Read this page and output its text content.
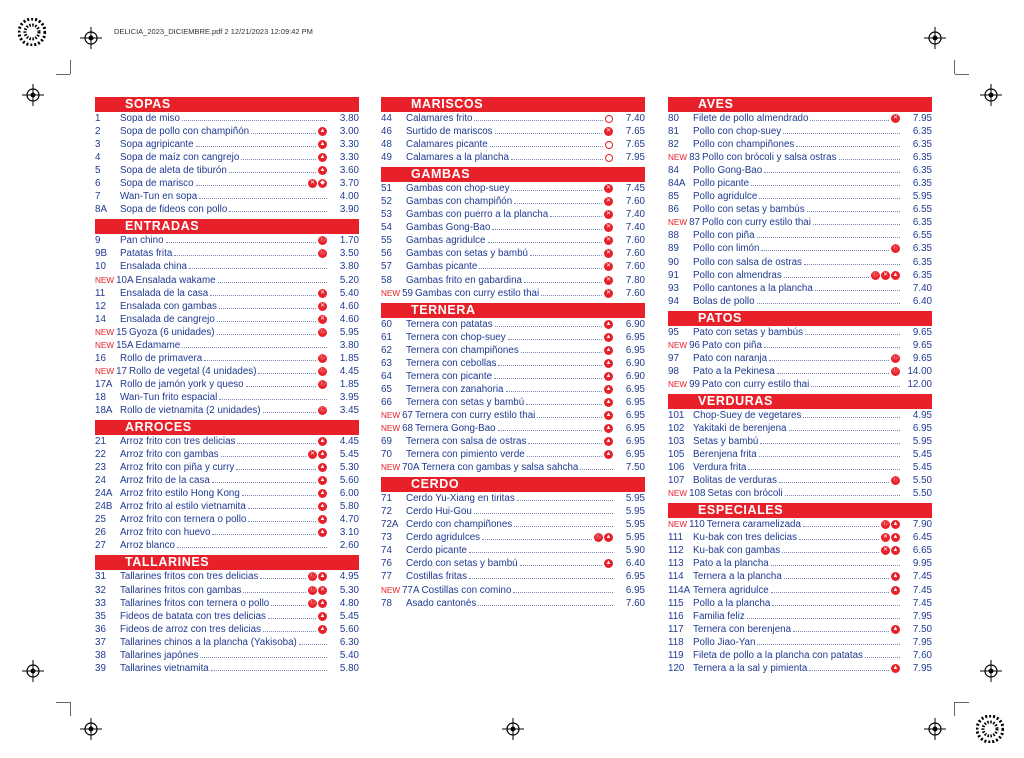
DELICIA_2023_DICIEMBRE.pdf 2 12/21/2023 12:09:42 PM
SOPAS
1 Sopa de miso	3.80
2 Sopa de pollo con champiñón	▲	3.00
3 Sopa agripicante	▲	3.30
4 Sopa de maíz con cangrejo	▲	3.30
5 Sopa de aleta de tiburón	▲	3.60
6 Sopa de marisco	✕ ◆	3.70
7 Wan-Tun en sopa	4.00
8A Sopa de fideos con pollo	3.90
ENTRADAS
9 Pan chino	Ⓒ	1.70
9B Patatas frita	Ⓒ	3.50
10 Ensalada china	3.80
NEW 10A Ensalada wakame	5.20
11 Ensalada de la casa	✕	5.40
12 Ensalada con gambas	✕	4.60
14 Ensalada de cangrejo	✕	4.60
NEW 15 Gyoza (6 unidades)	Ⓒ	5.95
NEW 15A Edamame	3.80
16 Rollo de primavera	Ⓒ	1.85
NEW 17 Rollo de vegetal (4 unidades)	Ⓒ	4.45
17A Rollo de jamón york y queso	Ⓒ	1.85
18 Wan-Tun frito espacial	3.95
18A Rollo de vietnamita (2 unidades)	Ⓒ	3.45
ARROCES
21 Arroz frito con tres delicias	▲	4.45
22 Arroz frito con gambas	✕ ▲	5.45
23 Arroz frito con piña y curry	▲	5.30
24 Arroz frito de la casa	▲	5.60
24A Arroz frito estilo Hong Kong	▲	6.00
24B Arroz frito al estilo vietnamita	▲	5.80
25 Arroz frito con ternera o pollo	▲	4.70
26 Arroz frito con huevo	▲	3.10
27 Arroz blanco	2.60
TALLARINES
31 Tallarines fritos con tres delicias	Ⓒ ▲	4.95
32 Tallarines fritos con gambas	Ⓒ ✕	5.30
33 Tallarines fritos con ternera o pollo	Ⓒ ▲	4.80
35 Fideos de batata con tres delicias	▲	5.45
36 Fideos de arroz con tres delicias	▲	5.60
37 Tallarines chinos a la plancha (Yakisoba)	6.30
38 Tallarines japónes	5.40
39 Tallarines vietnamita	5.80
MARISCOS
44 Calamares frito	7.40
46 Surtido de mariscos	✕	7.65
48 Calamares picante	7.65
49 Calamares a la plancha	7.95
GAMBAS
51 Gambas con chop-suey	✕	7.45
52 Gambas con champiñón	✕	7.60
53 Gambas con puerro a la plancha	✕	7.40
54 Gambas Gong-Bao	✕	7.40
55 Gambas agridulce	✕	7.60
56 Gambas con setas y bambú	✕	7.60
57 Gambas picante	✕	7.60
58 Gambas frito en gabardina	✕	7.80
NEW 59 Gambas con curry estilo thai	✕	7.60
TERNERA
60 Ternera con patatas	▲	6.90
61 Ternera con chop-suey	▲	6.95
62 Ternera con champiñones	▲	6.95
63 Ternera con cebollas	▲	6.90
64 Ternera con picante	▲	6.90
65 Ternera con zanahoria	▲	6.95
66 Ternera con setas y bambú	▲	6.95
NEW 67 Ternera con curry estilo thai	▲	6.95
NEW 68 Ternera Gong-Bao	▲	6.95
69 Ternera con salsa de ostras	▲	6.95
70 Ternera con pimiento verde	▲	6.95
NEW 70A Ternera con gambas y salsa sahcha	7.50
CERDO
71 Cerdo Yu-Xiang en tiritas	5.95
72 Cerdo Hui-Gou	5.95
72A Cerdo con champiñones	5.95
73 Cerdo agridulces	Ⓒ ▲	5.95
74 Cerdo picante	5.90
76 Cerdo con setas y bambú	▲	6.40
77 Costillas fritas	6.95
NEW 77A Costillas con comino	6.95
78 Asado cantonés	7.60
AVES
80 Filete de pollo almendrado	✕	7.95
81 Pollo con chop-suey	6.35
82 Pollo con champiñones	6.35
NEW 83 Pollo con brócoli y salsa ostras	6.35
84 Pollo Gong-Bao	6.35
84A Pollo picante	6.35
85 Pollo agridulce	5.95
86 Pollo con setas y bambús	6.55
NEW 87 Pollo con curry estilo thai	6.35
88 Pollo con piña	6.55
89 Pollo con limón	Ⓒ	6.35
90 Pollo con salsa de ostras	6.35
91 Pollo con almendras	Ⓒ ✕ ▲	6.35
93 Pollo cantones a la plancha	7.40
94 Bolas de pollo	6.40
PATOS
95 Pato con setas y bambús	9.65
NEW 96 Pato con piña	9.65
97 Pato con naranja	Ⓒ	9.65
98 Pato a la Pekinesa	Ⓒ 14.00
NEW 99 Pato con curry estilo thai	12.00
VERDURAS
101 Chop-Suey de vegetares	4.95
102 Yakitaki de berenjena	6.95
103 Setas y bambú	5.95
105 Berenjena frita	5.45
106 Verdura frita	5.45
107 Bolitas de verduras	Ⓒ	5.50
NEW 108 Setas con brócoli	5.50
ESPECIALES
NEW 110 Ternera caramelizada	Ⓒ ▲	7.90
111 Ku-bak con tres delicias	✕ ▲	6.45
112 Ku-bak con gambas	✕ ▲	6.65
113 Pato a la plancha	9.95
114 Ternera a la plancha	▲	7.45
114A Ternera agridulce	▲	7.45
115 Pollo a la plancha	7.45
116 Familia feliz	7.95
117 Ternera con berenjena	▲	7.50
118 Pollo Jiao-Yan	7.95
119 Fileta de pollo a la plancha con patatas	7.60
120 Ternera a la sal y pimienta	▲	7.95
